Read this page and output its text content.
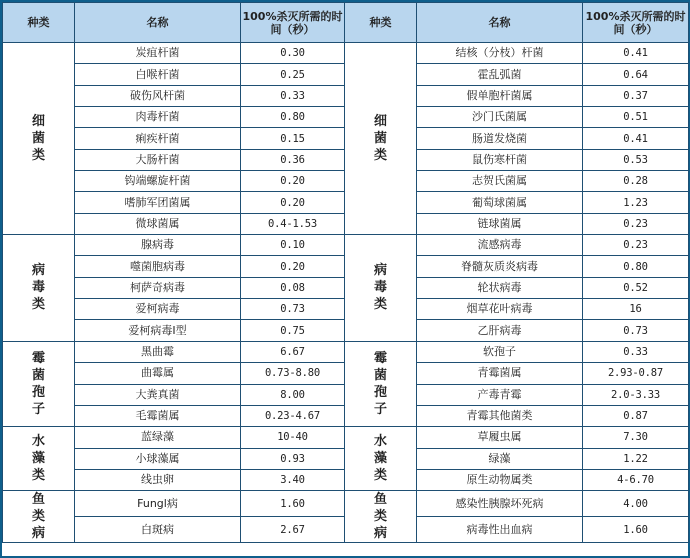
种类	名称	100%杀灭所需的时间（秒）	种类	名称	100%杀灭所需的时间（秒）
细菌类	炭疽杆菌	0.30	细菌类	结核（分枝）杆菌	0.41
	白喉杆菌	0.25		霍乱弧菌	0.64
	破伤风杆菌	0.33		假单胞杆菌属	0.37
	肉毒杆菌	0.80		沙门氏菌属	0.51
	痢疾杆菌	0.15		肠道发烧菌	0.41
	大肠杆菌	0.36		鼠伤寒杆菌	0.53
	钩端螺旋杆菌	0.20		志贺氏菌属	0.28
	嗜肺军团菌属	0.20		葡萄球菌属	1.23
	微球菌属	0.4-1.53		链球菌属	0.23
病毒类	腺病毒	0.10	病毒类	流感病毒	0.23
	噬菌胞病毒	0.20		脊髓灰质炎病毒	0.80
	柯萨奇病毒	0.08		轮状病毒	0.52
	爱柯病毒	0.73		烟草花叶病毒	16
	爱柯病毒I型	0.75		乙肝病毒	0.73
霉菌孢子	黑曲霉	6.67	霉菌孢子	软孢子	0.33
	曲霉属	0.73-8.80		青霉菌属	2.93-0.87
	大粪真菌	8.00		产毒青霉	2.0-3.33
	毛霉菌属	0.23-4.67		青霉其他菌类	0.87
水藻类	蓝绿藻	10-40	水藻类	草履虫属	7.30
	小球藻属	0.93		绿藻	1.22
	线虫卵	3.40		原生动物属类	4-6.70
鱼类病	Fungl病	1.60	鱼类病	感染性胰腺坏死病	4.00
	白斑病	2.67		病毒性出血病	1.60
